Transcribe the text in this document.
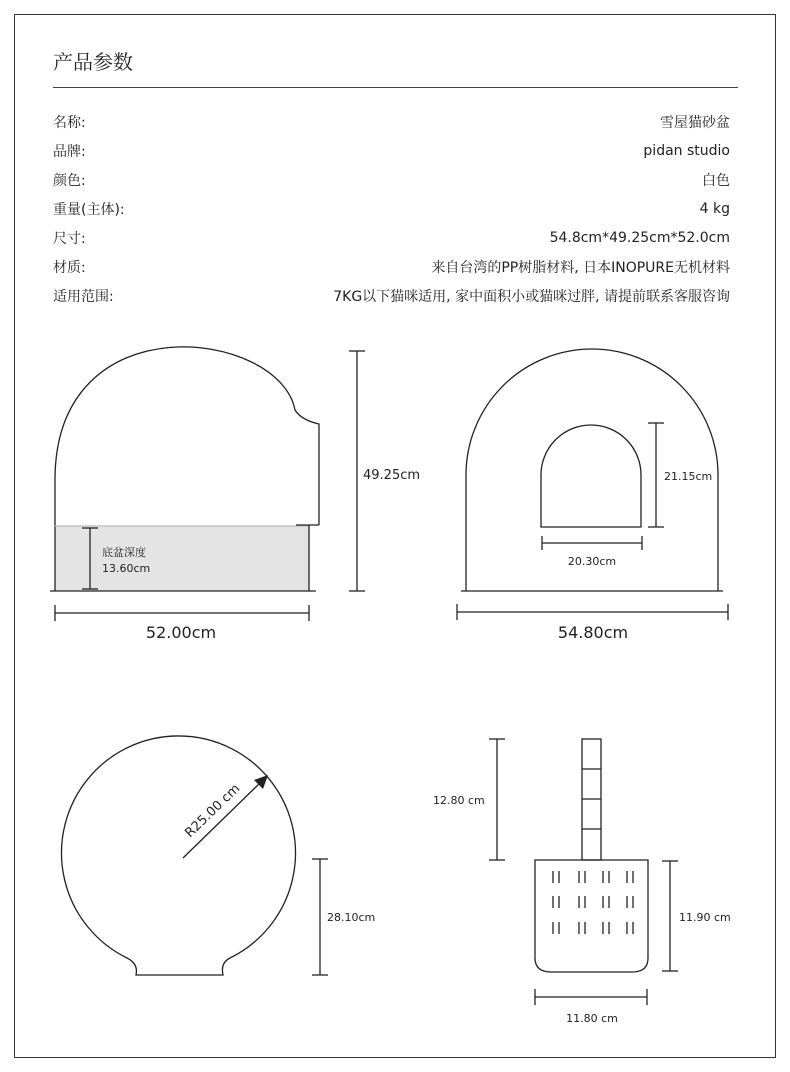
产品参数
名称:	雪屋猫砂盆
品牌:	pidan studio
颜色:	白色
重量(主体):	4 kg
尺寸:	54.8cm*49.25cm*52.0cm
材质:	来自台湾的PP树脂材料, 日本INOPURE无机材料
适用范围:	7KG以下猫咪适用, 家中面积小或猫咪过胖, 请提前联系客服咨询
底盆深度
13.60cm
49.25cm
52.00cm
21.15cm
20.30cm
54.80cm
R25.00 cm
28.10cm
12.80 cm
11.90 cm
11.80 cm
